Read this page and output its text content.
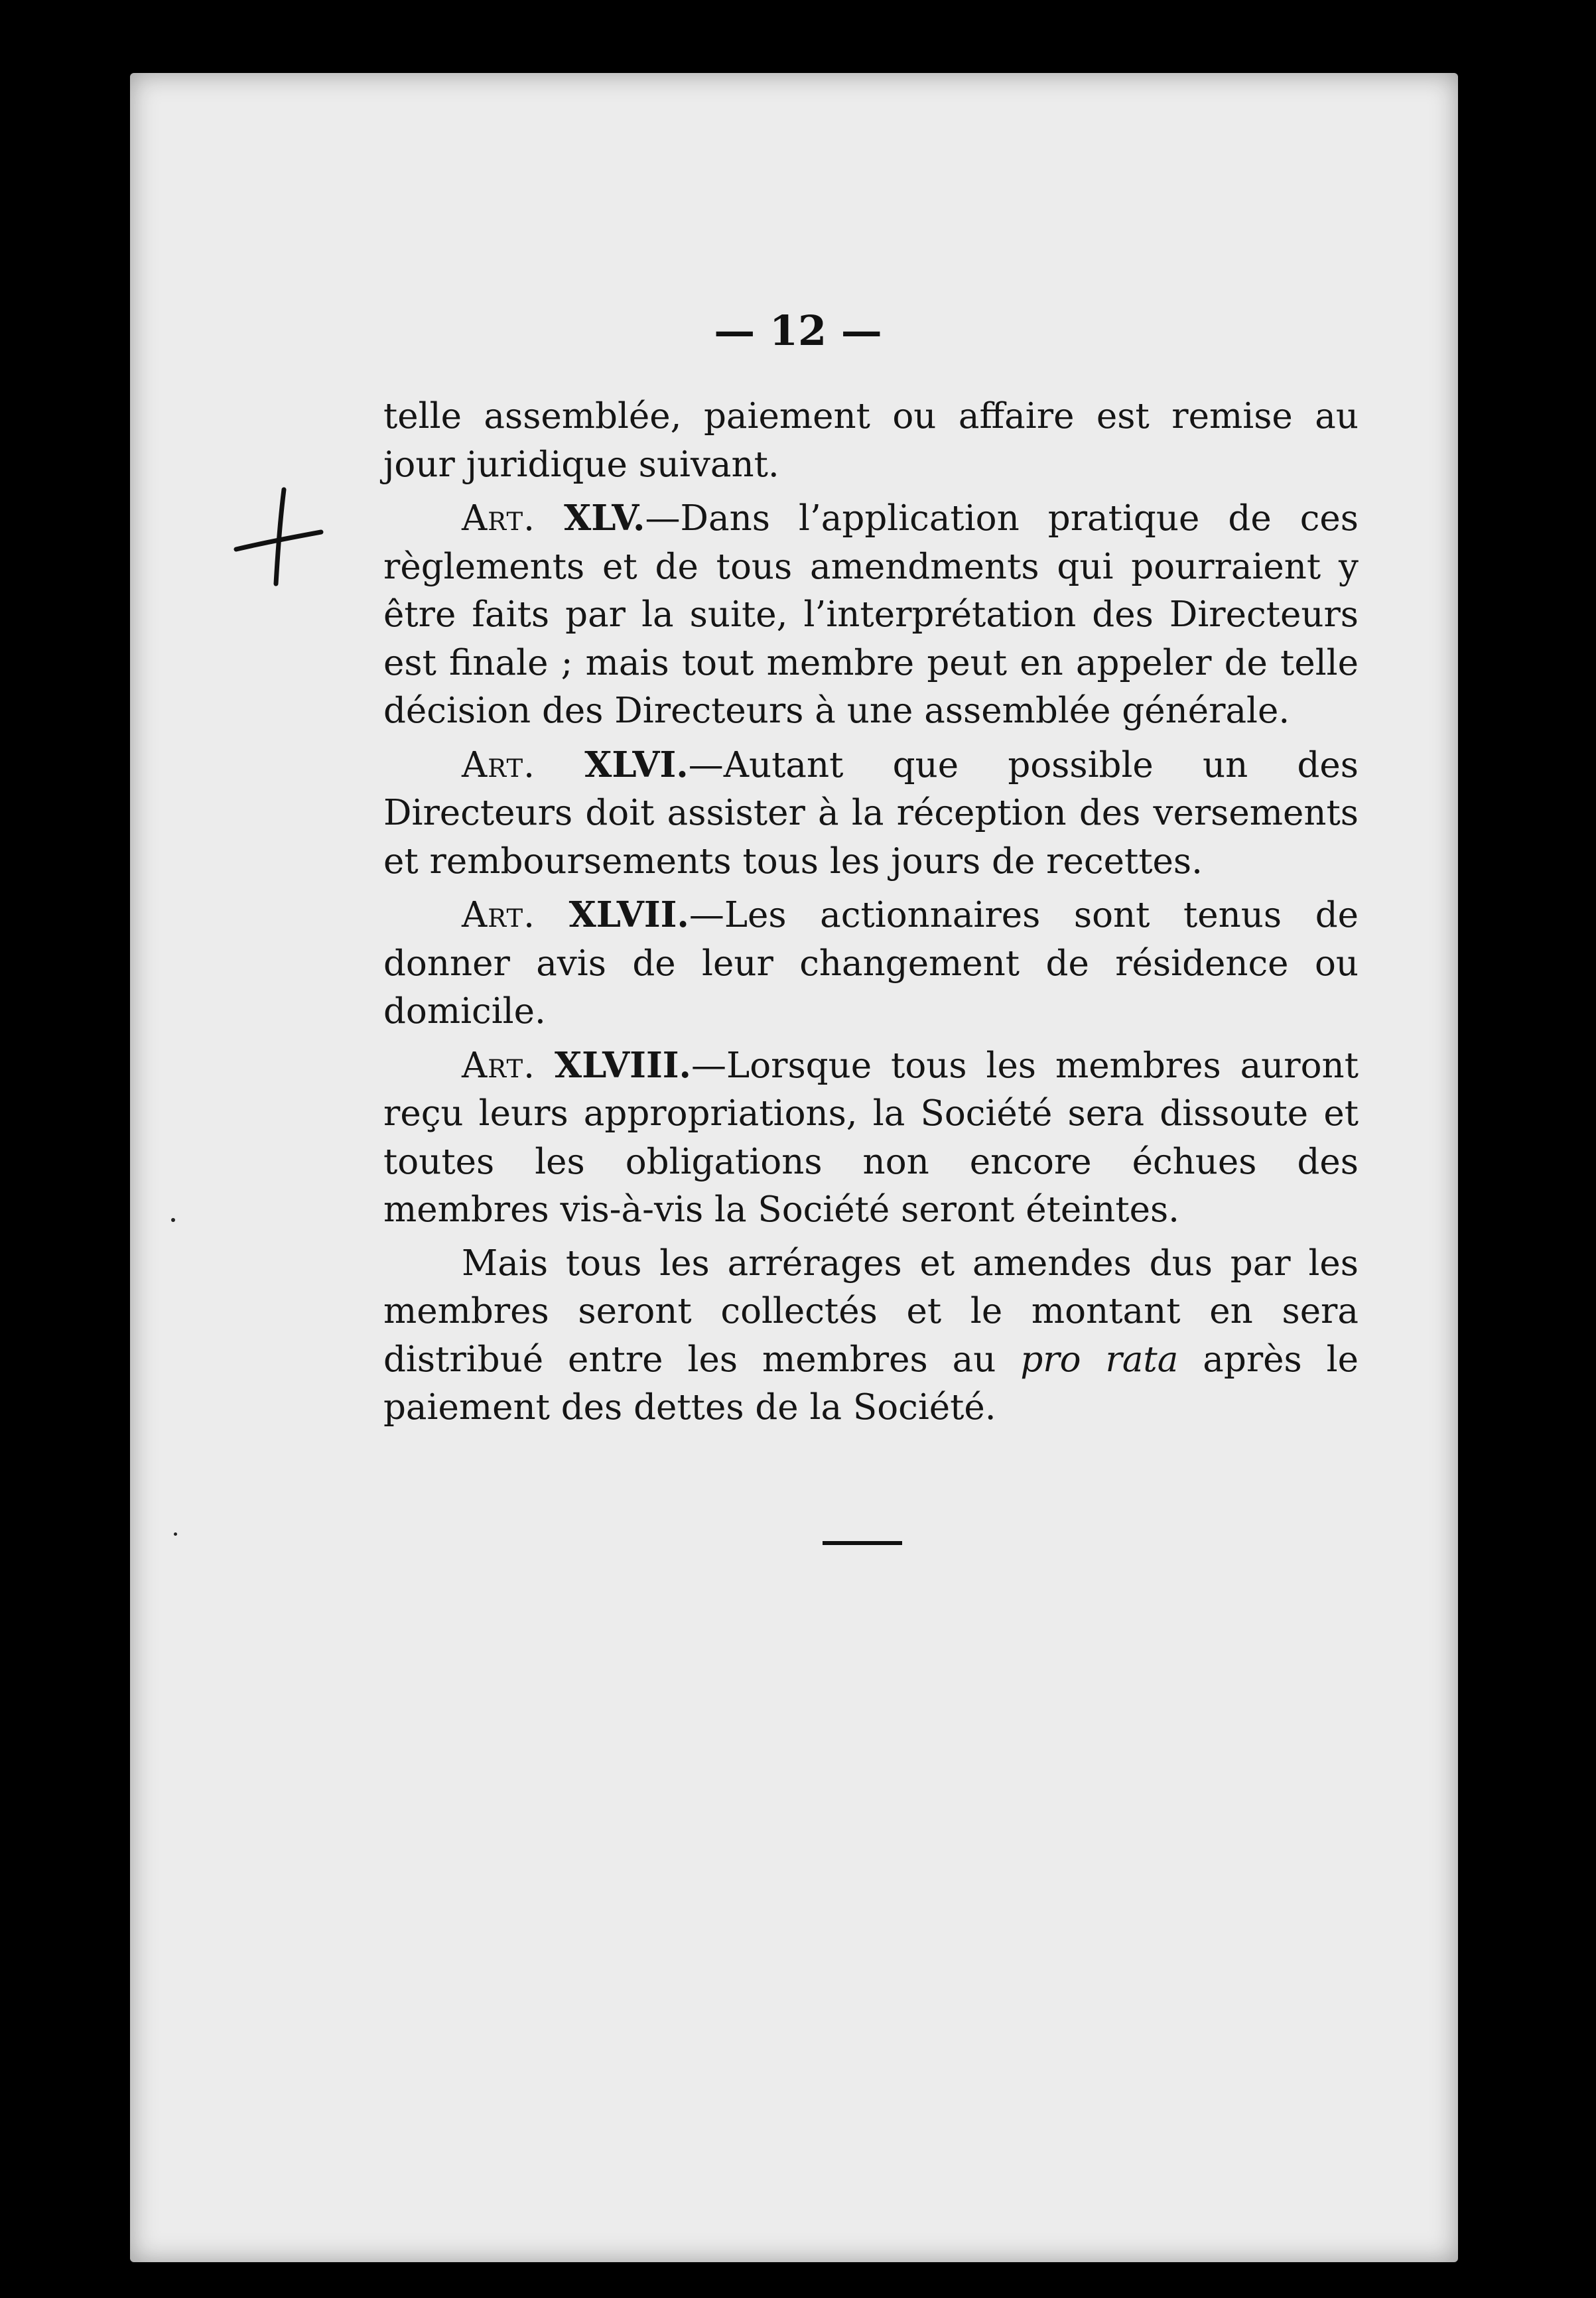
— 12 —

telle assemblée, paiement ou affaire est remise au jour juridique suivant.

Art. XLV.—Dans l’application pratique de ces règlements et de tous amendments qui pourraient y être faits par la suite, l’interprétation des Directeurs est finale ; mais tout membre peut en appeler de telle décision des Directeurs à une assemblée générale.

Art. XLVI.—Autant que possible un des Directeurs doit assister à la réception des versements et remboursements tous les jours de recettes.

Art. XLVII.—Les actionnaires sont tenus de donner avis de leur changement de résidence ou domicile.

Art. XLVIII.—Lorsque tous les membres auront reçu leurs appropriations, la Société sera dissoute et toutes les obligations non encore échues des membres vis-à-vis la Société seront éteintes.

Mais tous les arrérages et amendes dus par les membres seront collectés et le montant en sera distribué entre les membres au pro rata après le paiement des dettes de la Société.
